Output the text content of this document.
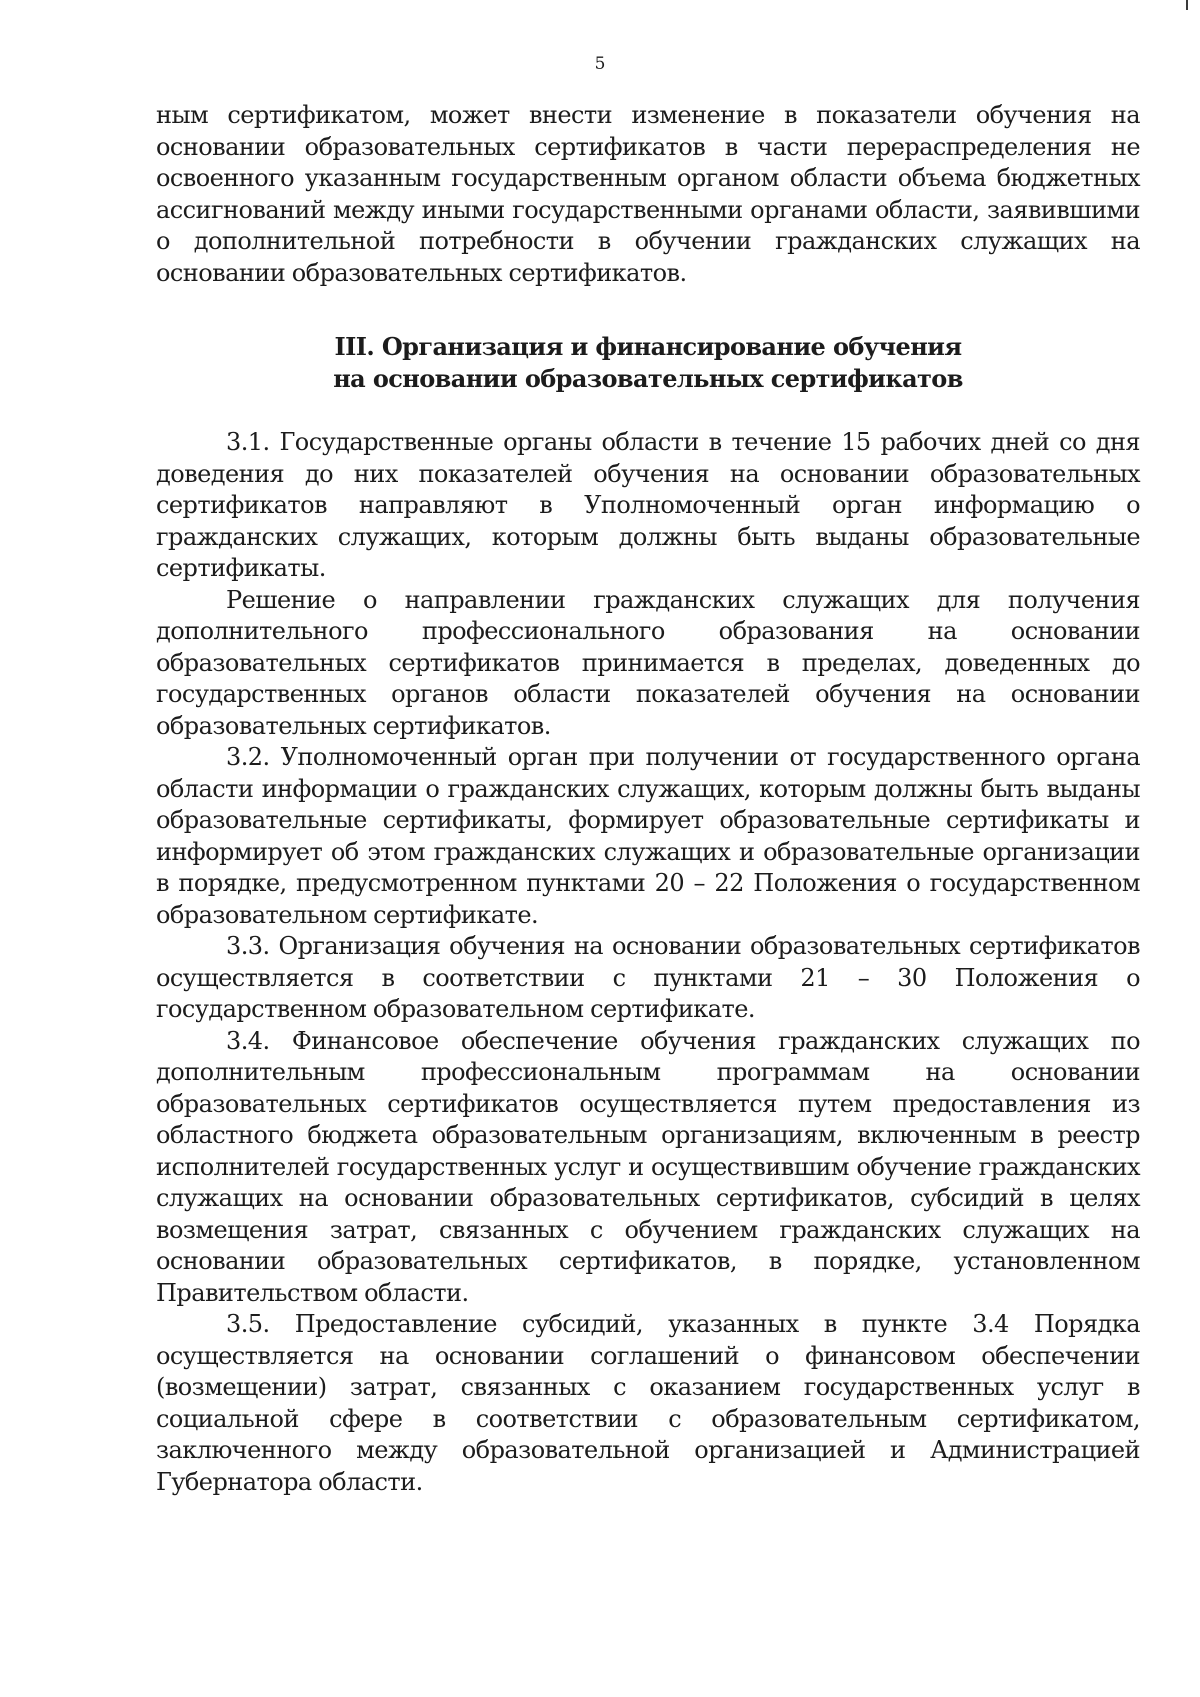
5

ным сертификатом, может внести изменение в показатели обучения на основании образовательных сертификатов в части перераспределения не освоенного указанным государственным органом области объема бюджетных ассигнований между иными государственными органами области, заявившими о дополнительной потребности в обучении гражданских служащих на основании образовательных сертификатов.

III. Организация и финансирование обучения
на основании образовательных сертификатов

3.1. Государственные органы области в течение 15 рабочих дней со дня доведения до них показателей обучения на основании образовательных сертификатов направляют в Уполномоченный орган информацию о гражданских служащих, которым должны быть выданы образовательные сертификаты.

Решение о направлении гражданских служащих для получения дополнительного профессионального образования на основании образовательных сертификатов принимается в пределах, доведенных до государственных органов области показателей обучения на основании образовательных сертификатов.

3.2. Уполномоченный орган при получении от государственного органа области информации о гражданских служащих, которым должны быть выданы образовательные сертификаты, формирует образовательные сертификаты и информирует об этом гражданских служащих и образовательные организации в порядке, предусмотренном пунктами 20 – 22 Положения о государственном образовательном сертификате.

3.3. Организация обучения на основании образовательных сертификатов осуществляется в соответствии с пунктами 21 – 30 Положения о государственном образовательном сертификате.

3.4. Финансовое обеспечение обучения гражданских служащих по дополнительным профессиональным программам на основании образовательных сертификатов осуществляется путем предоставления из областного бюджета образовательным организациям, включенным в реестр исполнителей государственных услуг и осуществившим обучение гражданских служащих на основании образовательных сертификатов, субсидий в целях возмещения затрат, связанных с обучением гражданских служащих на основании образовательных сертификатов, в порядке, установленном Правительством области.

3.5. Предоставление субсидий, указанных в пункте 3.4 Порядка осуществляется на основании соглашений о финансовом обеспечении (возмещении) затрат, связанных с оказанием государственных услуг в социальной сфере в соответствии с образовательным сертификатом, заключенного между образовательной организацией и Администрацией Губернатора области.
